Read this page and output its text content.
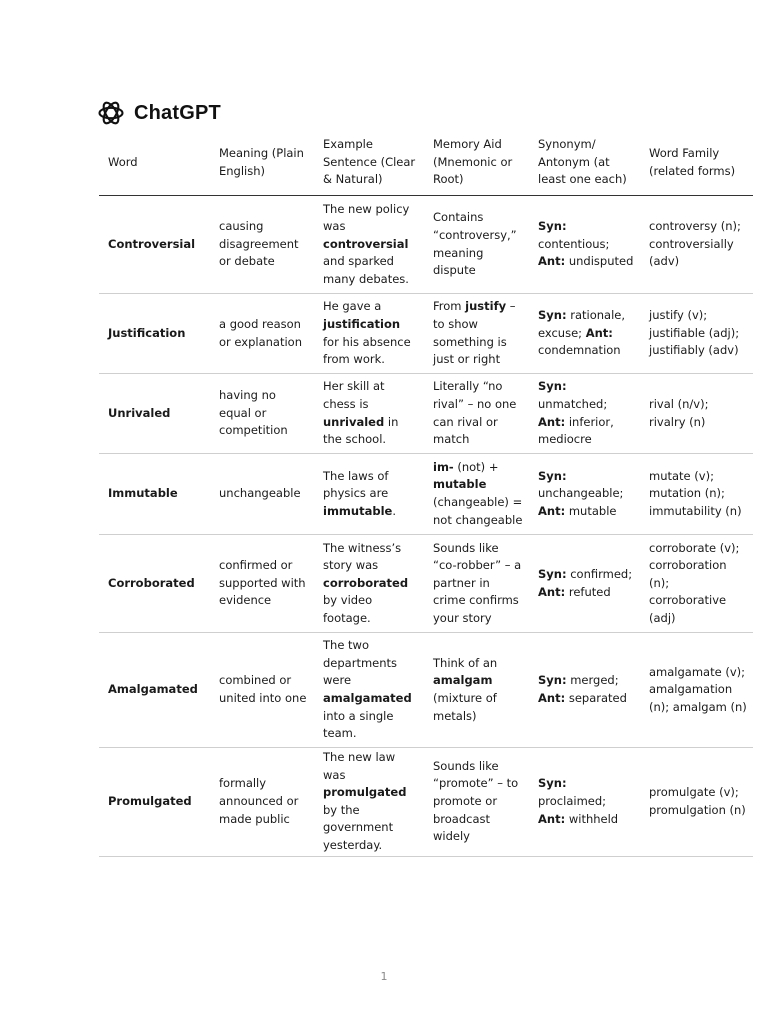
ChatGPT
Word	Meaning (Plain English)	Example Sentence (Clear & Natural)	Memory Aid (Mnemonic or Root)	Synonym/ Antonym (at least one each)	Word Family (related forms)
Controversial	causing disagreement or debate	The new policy was controversial and sparked many debates.	Contains “controversy,” meaning dispute	Syn: contentious; Ant: undisputed	controversy (n); controversially (adv)
Justification	a good reason or explanation	He gave a justification for his absence from work.	From justify – to show something is just or right	Syn: rationale, excuse; Ant: condemnation	justify (v); justifiable (adj); justifiably (adv)
Unrivaled	having no equal or competition	Her skill at chess is unrivaled in the school.	Literally “no rival” – no one can rival or match	Syn: unmatched; Ant: inferior, mediocre	rival (n/v); rivalry (n)
Immutable	unchangeable	The laws of physics are immutable.	im- (not) + mutable (changeable) = not changeable	Syn: unchangeable; Ant: mutable	mutate (v); mutation (n); immutability (n)
Corroborated	confirmed or supported with evidence	The witness’s story was corroborated by video footage.	Sounds like “co-robber” – a partner in crime confirms your story	Syn: confirmed; Ant: refuted	corroborate (v); corroboration (n); corroborative (adj)
Amalgamated	combined or united into one	The two departments were amalgamated into a single team.	Think of an amalgam (mixture of metals)	Syn: merged; Ant: separated	amalgamate (v); amalgamation (n); amalgam (n)
Promulgated	formally announced or made public	The new law was promulgated by the government yesterday.	Sounds like “promote” – to promote or broadcast widely	Syn: proclaimed; Ant: withheld	promulgate (v); promulgation (n)
1
